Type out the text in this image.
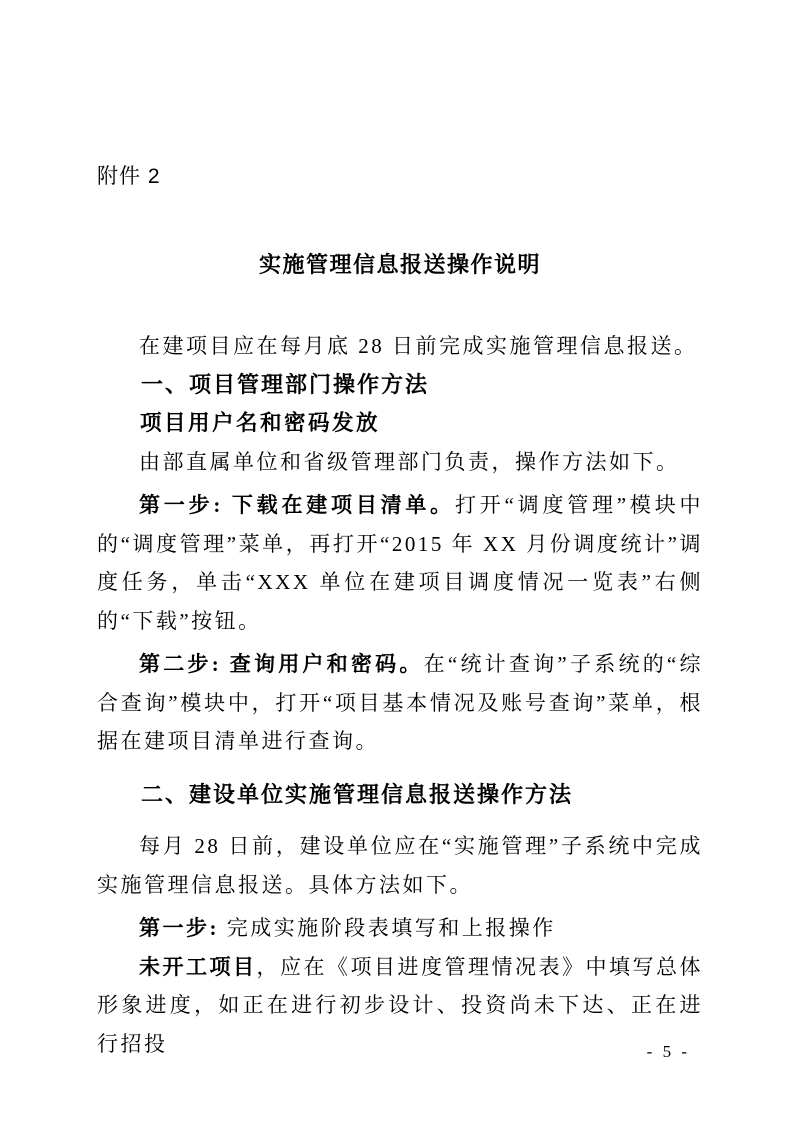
附件 2
实施管理信息报送操作说明

在建项目应在每月底 28 日前完成实施管理信息报送。

一、项目管理部门操作方法
项目用户名和密码发放

由部直属单位和省级管理部门负责，操作方法如下。

第一步: 下载在建项目清单。打开“调度管理”模块中的“调度管理”菜单，再打开“2015 年 XX 月份调度统计”调度任务，单击“XXX 单位在建项目调度情况一览表”右侧的“下载”按钮。

第二步: 查询用户和密码。在“统计查询”子系统的“综合查询”模块中，打开“项目基本情况及账号查询”菜单，根据在建项目清单进行查询。

二、建设单位实施管理信息报送操作方法

每月 28 日前，建设单位应在“实施管理”子系统中完成实施管理信息报送。具体方法如下。

第一步: 完成实施阶段表填写和上报操作

未开工项目，应在《项目进度管理情况表》中填写总体形象进度，如正在进行初步设计、投资尚未下达、正在进行招投	- 5 -
